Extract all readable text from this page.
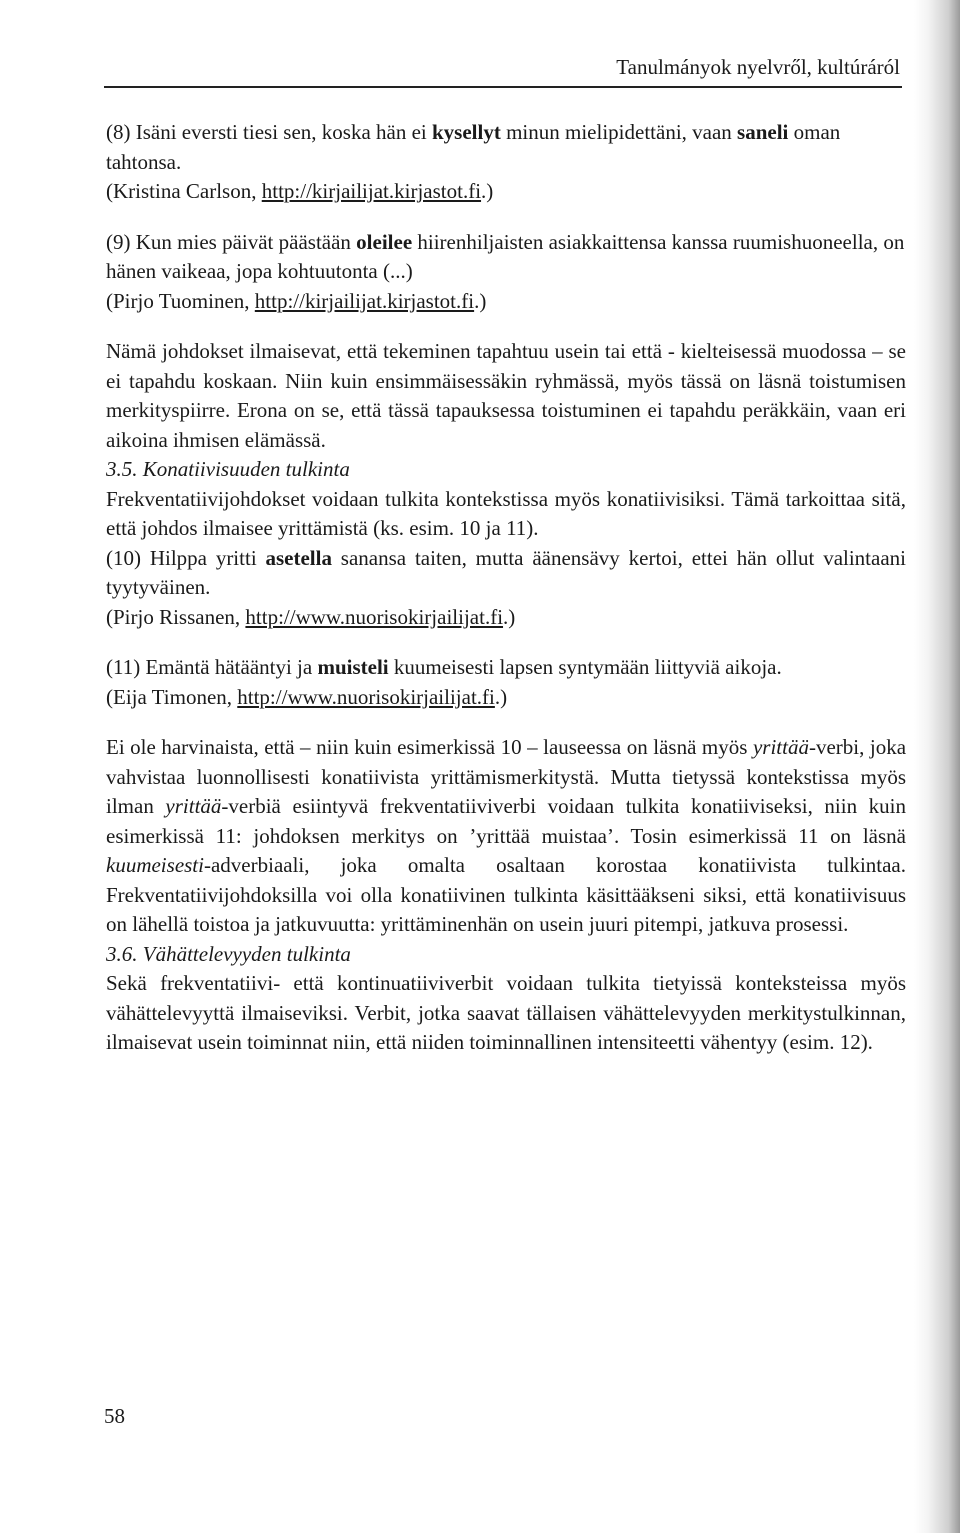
Tanulmányok nyelvről, kultúráról

(8) Isäni eversti tiesi sen, koska hän ei kysellyt minun mielipidettäni, vaan saneli oman tahtonsa.

(Kristina Carlson, http://kirjailijat.kirjastot.fi.)

(9) Kun mies päivät päästään oleilee hiirenhiljaisten asiakkaittensa kanssa ruumishuoneella, on hänen vaikeaa, jopa kohtuutonta (...)

(Pirjo Tuominen, http://kirjailijat.kirjastot.fi.)

Nämä johdokset ilmaisevat, että tekeminen tapahtuu usein tai että - kielteisessä muodossa – se ei tapahdu koskaan. Niin kuin ensimmäisessäkin ryhmässä, myös tässä on läsnä toistumisen merkityspiirre. Erona on se, että tässä tapauksessa toistuminen ei tapahdu peräkkäin, vaan eri aikoina ihmisen elämässä.

3.5. Konatiivisuuden tulkinta

Frekventatiivijohdokset voidaan tulkita kontekstissa myös konatiivisiksi. Tämä tarkoittaa sitä, että johdos ilmaisee yrittämistä (ks. esim. 10 ja 11).

(10) Hilppa yritti asetella sanansa taiten, mutta äänensävy kertoi, ettei hän ollut valintaani tyytyväinen.

(Pirjo Rissanen, http://www.nuorisokirjailijat.fi.)

(11) Emäntä hätääntyi ja muisteli kuumeisesti lapsen syntymään liittyviä aikoja.

(Eija Timonen, http://www.nuorisokirjailijat.fi.)

Ei ole harvinaista, että – niin kuin esimerkissä 10 – lauseessa on läsnä myös yrittää-verbi, joka vahvistaa luonnollisesti konatiivista yrittämismerkitystä. Mutta tietyssä kontekstissa myös ilman yrittää-verbiä esiintyvä frekventatiiviverbi voidaan tulkita konatiiviseksi, niin kuin esimerkissä 11: johdoksen merkitys on ’yrittää muistaa’. Tosin esimerkissä 11 on läsnä kuumeisesti-adverbiaali, joka omalta osaltaan korostaa konatiivista tulkintaa. Frekventatiivijohdoksilla voi olla konatiivinen tulkinta käsittääkseni siksi, että konatiivisuus on lähellä toistoa ja jatkuvuutta: yrittäminenhän on usein juuri pitempi, jatkuva prosessi.

3.6. Vähättelevyyden tulkinta

Sekä frekventatiivi- että kontinuatiiviverbit voidaan tulkita tietyissä konteksteissa myös vähättelevyyttä ilmaiseviksi. Verbit, jotka saavat tällaisen vähättelevyyden merkitystulkinnan, ilmaisevat usein toiminnat niin, että niiden toiminnallinen intensiteetti vähentyy (esim. 12).

58
